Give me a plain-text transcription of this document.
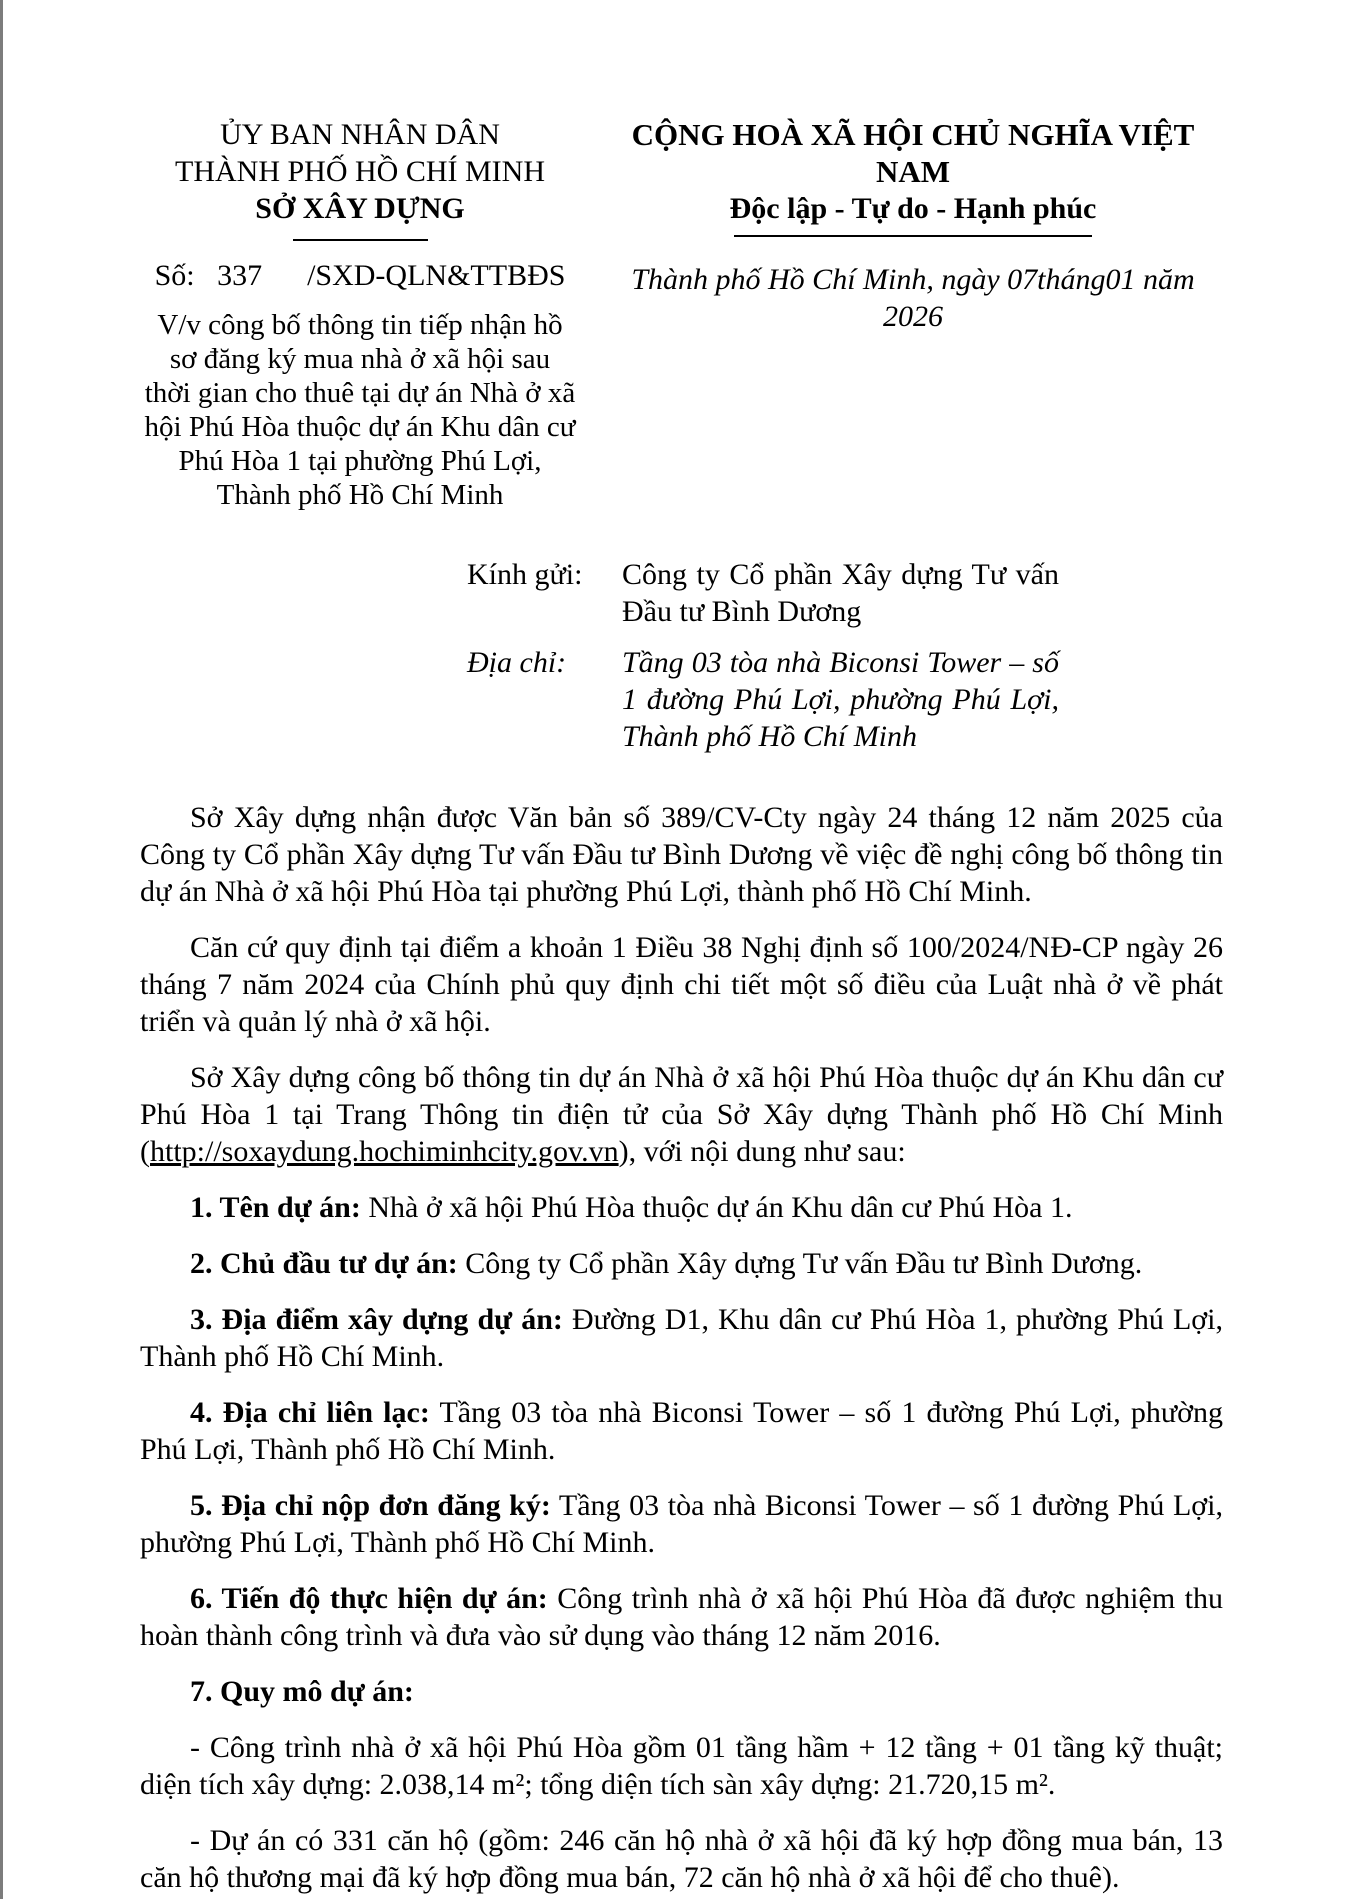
ỦY BAN NHÂN DÂN
THÀNH PHỐ HỒ CHÍ MINH
SỞ XÂY DỰNG
Số:   337      /SXD-QLN&TTBĐS
V/v công bố thông tin tiếp nhận hồ sơ đăng ký mua nhà ở xã hội sau thời gian cho thuê tại dự án Nhà ở xã hội Phú Hòa thuộc dự án Khu dân cư Phú Hòa 1 tại phường Phú Lợi, Thành phố Hồ Chí Minh
CỘNG HOÀ XÃ HỘI CHỦ NGHĨA VIỆT NAM
Độc lập - Tự do - Hạnh phúc
Thành phố Hồ Chí Minh, ngày 07tháng01 năm 2026
Kính gửi:	Công ty Cổ phần Xây dựng Tư vấn Đầu tư Bình Dương
Địa chỉ:	Tầng 03 tòa nhà Biconsi Tower – số 1 đường Phú Lợi, phường Phú Lợi, Thành phố Hồ Chí Minh

Sở Xây dựng nhận được Văn bản số 389/CV-Cty ngày 24 tháng 12 năm 2025 của Công ty Cổ phần Xây dựng Tư vấn Đầu tư Bình Dương về việc đề nghị công bố thông tin dự án Nhà ở xã hội Phú Hòa tại phường Phú Lợi, thành phố Hồ Chí Minh.

Căn cứ quy định tại điểm a khoản 1 Điều 38 Nghị định số 100/2024/NĐ-CP ngày 26 tháng 7 năm 2024 của Chính phủ quy định chi tiết một số điều của Luật nhà ở về phát triển và quản lý nhà ở xã hội.

Sở Xây dựng công bố thông tin dự án Nhà ở xã hội Phú Hòa thuộc dự án Khu dân cư Phú Hòa 1 tại Trang Thông tin điện tử của Sở Xây dựng Thành phố Hồ Chí Minh (http://soxaydung.hochiminhcity.gov.vn), với nội dung như sau:

1. Tên dự án: Nhà ở xã hội Phú Hòa thuộc dự án Khu dân cư Phú Hòa 1.

2. Chủ đầu tư dự án: Công ty Cổ phần Xây dựng Tư vấn Đầu tư Bình Dương.

3. Địa điểm xây dựng dự án: Đường D1, Khu dân cư Phú Hòa 1, phường Phú Lợi, Thành phố Hồ Chí Minh.

4. Địa chỉ liên lạc: Tầng 03 tòa nhà Biconsi Tower – số 1 đường Phú Lợi, phường Phú Lợi, Thành phố Hồ Chí Minh.

5. Địa chỉ nộp đơn đăng ký: Tầng 03 tòa nhà Biconsi Tower – số 1 đường Phú Lợi, phường Phú Lợi, Thành phố Hồ Chí Minh.

6. Tiến độ thực hiện dự án: Công trình nhà ở xã hội Phú Hòa đã được nghiệm thu hoàn thành công trình và đưa vào sử dụng vào tháng 12 năm 2016.

7. Quy mô dự án:

- Công trình nhà ở xã hội Phú Hòa gồm 01 tầng hầm + 12 tầng + 01 tầng kỹ thuật; diện tích xây dựng: 2.038,14 m²; tổng diện tích sàn xây dựng: 21.720,15 m².

- Dự án có 331 căn hộ (gồm: 246 căn hộ nhà ở xã hội đã ký hợp đồng mua bán, 13 căn hộ thương mại đã ký hợp đồng mua bán, 72 căn hộ nhà ở xã hội để cho thuê).
